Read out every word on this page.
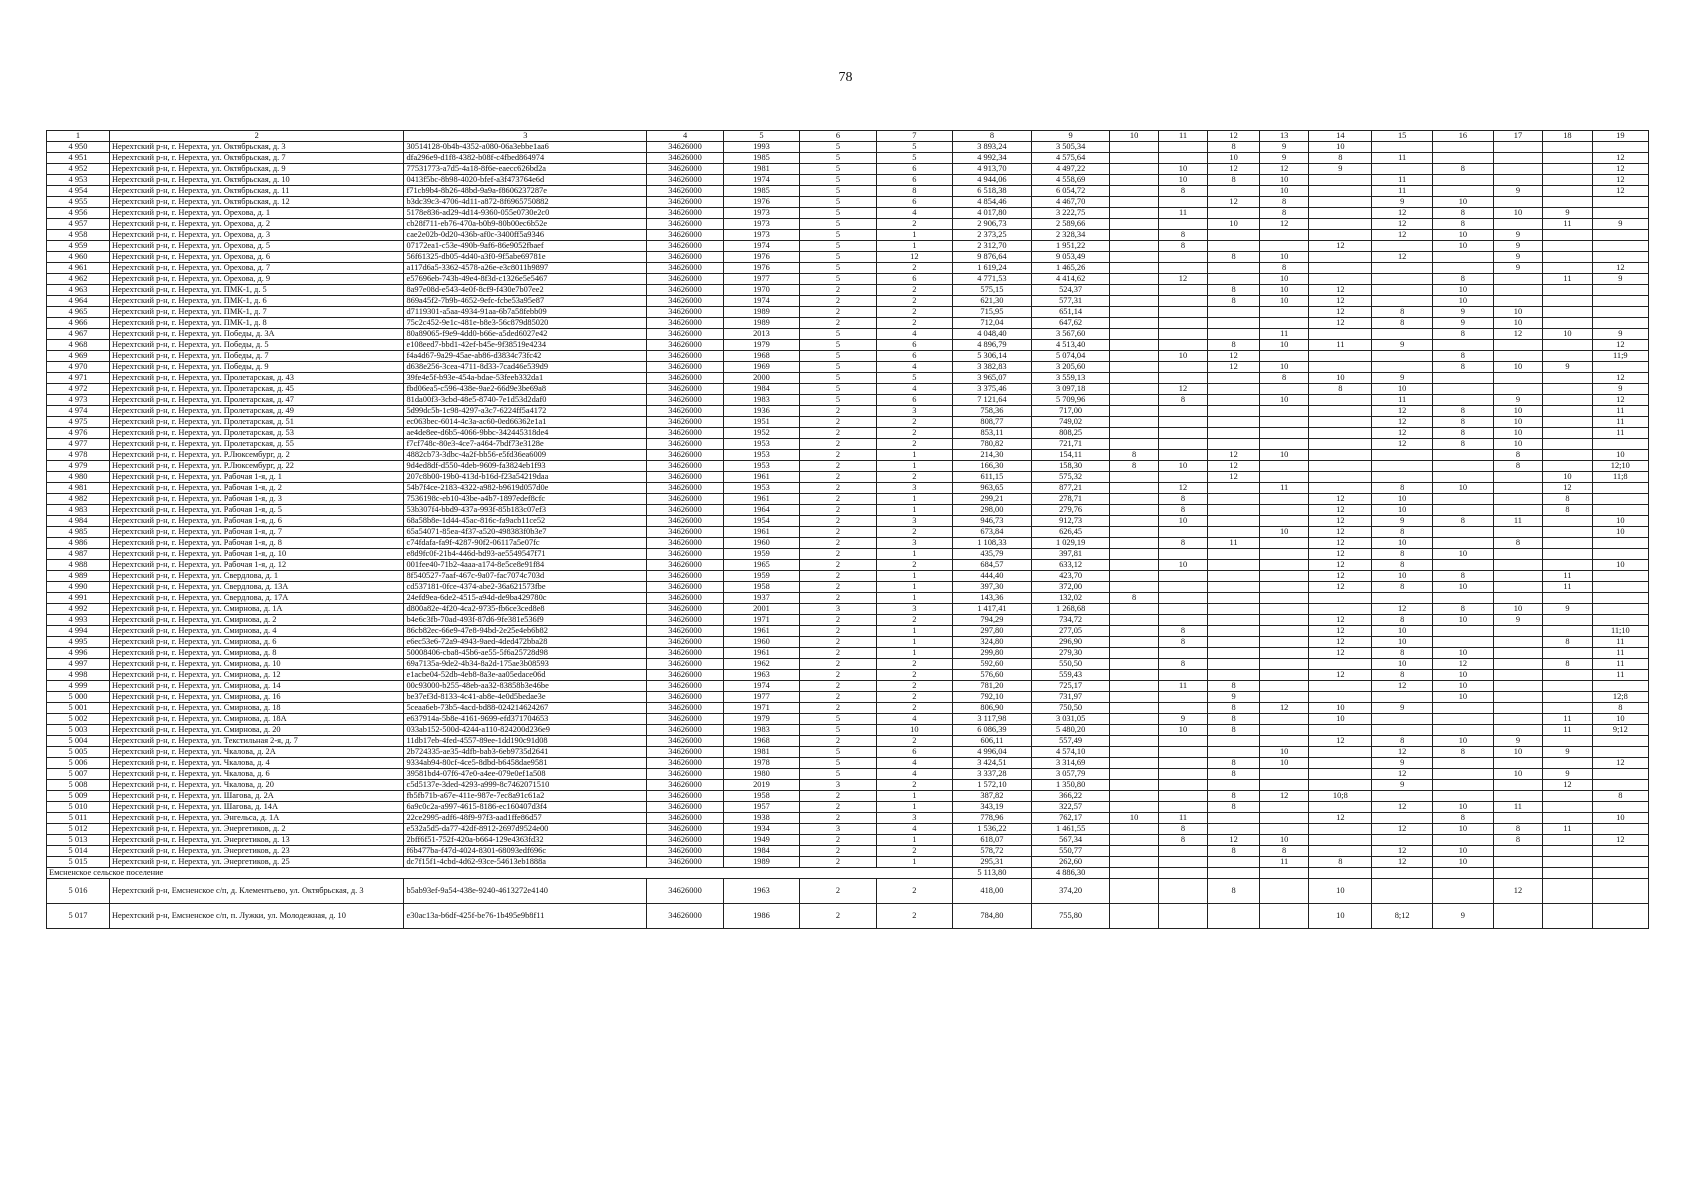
78
1	2	3	4	5	6	7	8	9	10	11	12	13	14	15	16	17	18	19
4 950	Нерехтский р-н, г. Нерехта, ул. Октябрьская, д. 3	30514128-0b4b-4352-a080-06a3ebbe1aa6	34626000	1993	5	5	3 893,24	3 505,34			8	9	10					
4 951	Нерехтский р-н, г. Нерехта, ул. Октябрьская, д. 7	dfa296e9-d1f8-4382-b08f-c4fbed864974	34626000	1985	5	5	4 992,34	4 575,64			10	9	8	11				12
4 952	Нерехтский р-н, г. Нерехта, ул. Октябрьская, д. 9	77531773-a7d5-4a18-8f6e-eaecc626bd2a	34626000	1981	5	6	4 913,70	4 497,22		10	12	12	9		8			12
4 953	Нерехтский р-н, г. Нерехта, ул. Октябрьская, д. 10	0413f5bc-8b98-4020-bfef-a3f473764e6d	34626000	1974	5	6	4 944,06	4 558,69		10	8	10		11				12
4 954	Нерехтский р-н, г. Нерехта, ул. Октябрьская, д. 11	f71cb9b4-8b26-48bd-9a9a-f8606237287e	34626000	1985	5	8	6 518,38	6 054,72		8		10		11		9		12
4 955	Нерехтский р-н, г. Нерехта, ул. Октябрьская, д. 12	b3dc39c3-4706-4d11-a872-8f6965750882	34626000	1976	5	6	4 854,46	4 467,70			12	8		9	10			
4 956	Нерехтский р-н, г. Нерехта, ул. Орехова, д. 1	5178e836-ad29-4d14-9360-055e0730e2c0	34626000	1973	5	4	4 017,80	3 222,75		11		8		12	8	10	9	
4 957	Нерехтский р-н, г. Нерехта, ул. Орехова, д. 2	cb28f711-eb76-470a-b0b9-80b00ec6b52e	34626000	1973	5	2	2 906,73	2 589,66			10	12		12	8		11	9
4 958	Нерехтский р-н, г. Нерехта, ул. Орехова, д. 3	cae2e02b-0d20-436b-af0c-3400ff5a9346	34626000	1973	5	1	2 373,25	2 328,34		8				12	10	9		
4 959	Нерехтский р-н, г. Нерехта, ул. Орехова, д. 5	07172ea1-c53e-490b-9af6-86e9052fbaef	34626000	1974	5	1	2 312,70	1 951,22		8			12		10	9		
4 960	Нерехтский р-н, г. Нерехта, ул. Орехова, д. 6	56f61325-db05-4d40-a3f0-9f5abe69781e	34626000	1976	5	12	9 876,64	9 053,49			8	10		12		9		
4 961	Нерехтский р-н, г. Нерехта, ул. Орехова, д. 7	a117d6a5-3362-4578-a26e-e3c8011b9897	34626000	1976	5	2	1 619,24	1 465,26				8				9		12
4 962	Нерехтский р-н, г. Нерехта, ул. Орехова, д. 9	e57696eb-743b-49e4-8f3d-c1326e5e5467	34626000	1977	5	6	4 771,53	4 414,62		12		10			8		11	9
4 963	Нерехтский р-н, г. Нерехта, ул. ПМК-1, д. 5	8a97e08d-e543-4e0f-8cf9-f430e7b07ee2	34626000	1970	2	2	575,15	524,37			8	10	12		10			
4 964	Нерехтский р-н, г. Нерехта, ул. ПМК-1, д. 6	869a45f2-7b9b-4652-9efc-fcbe53a95e87	34626000	1974	2	2	621,30	577,31			8	10	12		10			
4 965	Нерехтский р-н, г. Нерехта, ул. ПМК-1, д. 7	d7119301-a5aa-4934-91aa-6b7a58febb09	34626000	1989	2	2	715,95	651,14					12	8	9	10		
4 966	Нерехтский р-н, г. Нерехта, ул. ПМК-1, д. 8	75c2c452-9e1c-481e-b8e3-56c879d85020	34626000	1989	2	2	712,04	647,62					12	8	9	10		
4 967	Нерехтский р-н, г. Нерехта, ул. Победы, д. 3А	80a89065-f9e9-4dd0-b66e-a5ded6027e42	34626000	2013	5	4	4 048,40	3 567,60				11			8	12	10	9
4 968	Нерехтский р-н, г. Нерехта, ул. Победы, д. 5	e108eed7-bbd1-42ef-b45e-9f38519e4234	34626000	1979	5	6	4 896,79	4 513,40			8	10	11	9				12
4 969	Нерехтский р-н, г. Нерехта, ул. Победы, д. 7	f4a4d67-9a29-45ae-ab86-d3834c73fc42	34626000	1968	5	6	5 306,14	5 074,04		10	12				8			11;9
4 970	Нерехтский р-н, г. Нерехта, ул. Победы, д. 9	d638e256-3cea-4711-8d33-7cad46e539d9	34626000	1969	5	4	3 382,83	3 205,60			12	10			8	10	9	
4 971	Нерехтский р-н, г. Нерехта, ул. Пролетарская, д. 43	39fe4e5f-b93e-454a-bdae-53feeb332da1	34626000	2000	5	5	3 965,07	3 559,13				8	10	9				12
4 972	Нерехтский р-н, г. Нерехта, ул. Пролетарская, д. 45	fbd06ea5-c596-438e-9ae2-66d9e3be69a8	34626000	1984	5	4	3 375,46	3 097,18		12			8	10				9
4 973	Нерехтский р-н, г. Нерехта, ул. Пролетарская, д. 47	81da00f3-3cbd-48e5-8740-7e1d53d2daf0	34626000	1983	5	6	7 121,64	5 709,96		8		10		11		9		12
4 974	Нерехтский р-н, г. Нерехта, ул. Пролетарская, д. 49	5d99dc5b-1c98-4297-a3c7-6224ff5a4172	34626000	1936	2	3	758,36	717,00						12	8	10		11
4 975	Нерехтский р-н, г. Нерехта, ул. Пролетарская, д. 51	ec063bec-6014-4c3a-ac60-0ed66362e1a1	34626000	1951	2	2	808,77	749,02						12	8	10		11
4 976	Нерехтский р-н, г. Нерехта, ул. Пролетарская, д. 53	ae4de8ee-d6b5-4066-9bbc-342445318de4	34626000	1952	2	2	853,11	808,25						12	8	10		11
4 977	Нерехтский р-н, г. Нерехта, ул. Пролетарская, д. 55	f7cf748c-80e3-4ce7-a464-7bdf73e3128e	34626000	1953	2	2	780,82	721,71						12	8	10		
4 978	Нерехтский р-н, г. Нерехта, ул. Р.Люксембург, д. 2	4882cb73-3dbc-4a2f-bb56-e5fd36ea6009	34626000	1953	2	1	214,30	154,11	8		12	10				8		10
4 979	Нерехтский р-н, г. Нерехта, ул. Р.Люксембург, д. 22	9d4ed8df-d550-4deb-9609-fa3824eb1f93	34626000	1953	2	1	166,30	158,30	8	10	12					8		12;10
4 980	Нерехтский р-н, г. Нерехта, ул. Рабочая 1-я, д. 1	207c8b00-19b0-413d-b16d-f23a54219daa	34626000	1961	2	2	611,15	575,32			12						10	11;8
4 981	Нерехтский р-н, г. Нерехта, ул. Рабочая 1-я, д. 2	54b7f4ce-2183-4322-a982-b9619d057d0e	34626000	1953	2	3	963,65	877,21		12		11		8	10		12	
4 982	Нерехтский р-н, г. Нерехта, ул. Рабочая 1-я, д. 3	7536198c-eb10-43be-a4b7-1897edef8cfc	34626000	1961	2	1	299,21	278,71		8			12	10			8	
4 983	Нерехтский р-н, г. Нерехта, ул. Рабочая 1-я, д. 5	53b307f4-bbd9-437a-993f-85b183c07ef3	34626000	1964	2	1	298,00	279,76		8			12	10			8	
4 984	Нерехтский р-н, г. Нерехта, ул. Рабочая 1-я, д. 6	68a58b8e-1d44-45ac-816c-fa9acb11ce52	34626000	1954	2	3	946,73	912,73		10			12	9	8	11		10
4 985	Нерехтский р-н, г. Нерехта, ул. Рабочая 1-я, д. 7	65a54071-85ea-4f37-a520-498383f0b3e7	34626000	1961	2	2	673,84	626,45				10	12	8				10
4 986	Нерехтский р-н, г. Нерехта, ул. Рабочая 1-я, д. 8	c74fdafa-fa9f-4287-90f2-06117a5e07fc	34626000	1960	2	3	1 108,33	1 029,19		8	11		12	10		8		
4 987	Нерехтский р-н, г. Нерехта, ул. Рабочая 1-я, д. 10	e8d9fc0f-21b4-446d-bd93-ae5549547f71	34626000	1959	2	1	435,79	397,81					12	8	10			
4 988	Нерехтский р-н, г. Нерехта, ул. Рабочая 1-я, д. 12	001fee40-71b2-4aaa-a174-8e5ce8e91f84	34626000	1965	2	2	684,57	633,12		10			12	8				10
4 989	Нерехтский р-н, г. Нерехта, ул. Свердлова, д. 1	8f540527-7aaf-467c-9a07-fac7074c703d	34626000	1959	2	1	444,40	423,70					12	10	8		11	
4 990	Нерехтский р-н, г. Нерехта, ул. Свердлова, д. 13А	cd537181-0fce-4374-abe2-36a621573fbe	34626000	1958	2	1	397,30	372,00					12	8	10		11	
4 991	Нерехтский р-н, г. Нерехта, ул. Свердлова, д. 17А	24efd9ea-6de2-4515-a94d-de9ba429780c	34626000	1937	2	1	143,36	132,02	8									
4 992	Нерехтский р-н, г. Нерехта, ул. Смирнова, д. 1А	d800a82e-4f20-4ca2-9735-fb6ce3ced8e8	34626000	2001	3	3	1 417,41	1 268,68						12	8	10	9	
4 993	Нерехтский р-н, г. Нерехта, ул. Смирнова, д. 2	b4e6c3fb-70ad-493f-87d6-9fe381e536f9	34626000	1971	2	2	794,29	734,72					12	8	10	9		
4 994	Нерехтский р-н, г. Нерехта, ул. Смирнова, д. 4	86cb82ec-66e9-47e8-94bd-2e25e4eb6b82	34626000	1961	2	1	297,80	277,05		8			12	10				11;10
4 995	Нерехтский р-н, г. Нерехта, ул. Смирнова, д. 6	e6ec53e6-72a9-4943-9aed-4ded472bba28	34626000	1960	2	1	324,80	296,90		8			12	10			8	11
4 996	Нерехтский р-н, г. Нерехта, ул. Смирнова, д. 8	50008406-cba8-45b6-ae55-5f6a25728d98	34626000	1961	2	1	299,80	279,30					12	8	10			11
4 997	Нерехтский р-н, г. Нерехта, ул. Смирнова, д. 10	69a7135a-9de2-4b34-8a2d-175ae3b08593	34626000	1962	2	2	592,60	550,50		8				10	12		8	11
4 998	Нерехтский р-н, г. Нерехта, ул. Смирнова, д. 12	e1acbe04-52db-4eb8-8a3e-aa05edace06d	34626000	1963	2	2	576,60	559,43					12	8	10			11
4 999	Нерехтский р-н, г. Нерехта, ул. Смирнова, д. 14	00c93000-b255-48eb-aa32-83858b3e46be	34626000	1974	2	2	781,20	725,17		11	8			12	10			
5 000	Нерехтский р-н, г. Нерехта, ул. Смирнова, д. 16	be37ef3d-8133-4c41-ab8e-4e0d5bedae3e	34626000	1977	2	2	792,10	731,97			9				10			12;8
5 001	Нерехтский р-н, г. Нерехта, ул. Смирнова, д. 18	5ceaa6eb-73b5-4acd-bd88-024214624267	34626000	1971	2	2	806,90	750,50			8	12	10	9				8
5 002	Нерехтский р-н, г. Нерехта, ул. Смирнова, д. 18А	e637914a-5b8e-4161-9699-efd371704653	34626000	1979	5	4	3 117,98	3 031,05		9	8		10				11	10
5 003	Нерехтский р-н, г. Нерехта, ул. Смирнова, д. 20	033ab152-500d-4244-a110-824200d236e9	34626000	1983	5	10	6 086,39	5 480,20		10	8						11	9;12
5 004	Нерехтский р-н, г. Нерехта, ул. Текстильная 2-я, д. 7	11db17eb-4fed-4557-89ee-1dd190c91d08	34626000	1968	2	2	606,11	557,49					12	8	10	9		
5 005	Нерехтский р-н, г. Нерехта, ул. Чкалова, д. 2А	2b724335-ae35-4dfb-bab3-6eb9735d2641	34626000	1981	5	6	4 996,04	4 574,10				10		12	8	10	9	
5 006	Нерехтский р-н, г. Нерехта, ул. Чкалова, д. 4	9334ab94-80cf-4ce5-8dbd-b6458dae9581	34626000	1978	5	4	3 424,51	3 314,69			8	10		9				12
5 007	Нерехтский р-н, г. Нерехта, ул. Чкалова, д. 6	39581bd4-07f6-47e0-a4ee-079e0ef1a508	34626000	1980	5	4	3 337,28	3 057,79			8			12		10	9	
5 008	Нерехтский р-н, г. Нерехта, ул. Чкалова, д. 20	c5d5137e-3ded-4293-a999-8c7462071510	34626000	2019	3	2	1 572,10	1 350,80						9			12	
5 009	Нерехтский р-н, г. Нерехта, ул. Шагова, д. 2А	fb5fb71b-a67e-411e-987e-7ec8a91c61a2	34626000	1958	2	1	387,82	366,22			8	12	10;8					8
5 010	Нерехтский р-н, г. Нерехта, ул. Шагова, д. 14А	6a9c0c2a-a997-4615-8186-ec160407d3f4	34626000	1957	2	1	343,19	322,57			8			12	10	11		
5 011	Нерехтский р-н, г. Нерехта, ул. Энгельса, д. 1А	22ce2995-adf6-48f9-97f3-aad1ffe86d57	34626000	1938	2	3	778,96	762,17	10	11			12		8			10
5 012	Нерехтский р-н, г. Нерехта, ул. Энергетиков, д. 2	e532a5d5-da77-42df-8912-2697d9524e00	34626000	1934	3	4	1 536,22	1 461,55		8				12	10	8	11	
5 013	Нерехтский р-н, г. Нерехта, ул. Энергетиков, д. 13	2bff6f51-752f-420a-b664-129e4363fd32	34626000	1949	2	1	618,07	567,34		8	12	10				8		12
5 014	Нерехтский р-н, г. Нерехта, ул. Энергетиков, д. 23	f6b477ba-f47d-4024-8301-68093edf696c	34626000	1984	2	2	578,72	550,77			8	8		12	10			
5 015	Нерехтский р-н, г. Нерехта, ул. Энергетиков, д. 25	dc7f15f1-4cbd-4d62-93ce-54613eb1888a	34626000	1989	2	1	295,31	262,60				11	8	12	10			
Емсненское сельское поселение							5 113,80	4 886,30										
5 016	Нерехтский р-н, Емсненское с/п, д. Клементьево, ул. Октябрьская, д. 3	b5ab93ef-9a54-438e-9240-4613272e4140	34626000	1963	2	2	418,00	374,20			8		10			12		
5 017	Нерехтский р-н, Емсненское с/п, п. Лужки, ул. Молодежная, д. 10	e30ac13a-b6df-425f-be76-1b495e9b8f11	34626000	1986	2	2	784,80	755,80					10	8;12	9			
